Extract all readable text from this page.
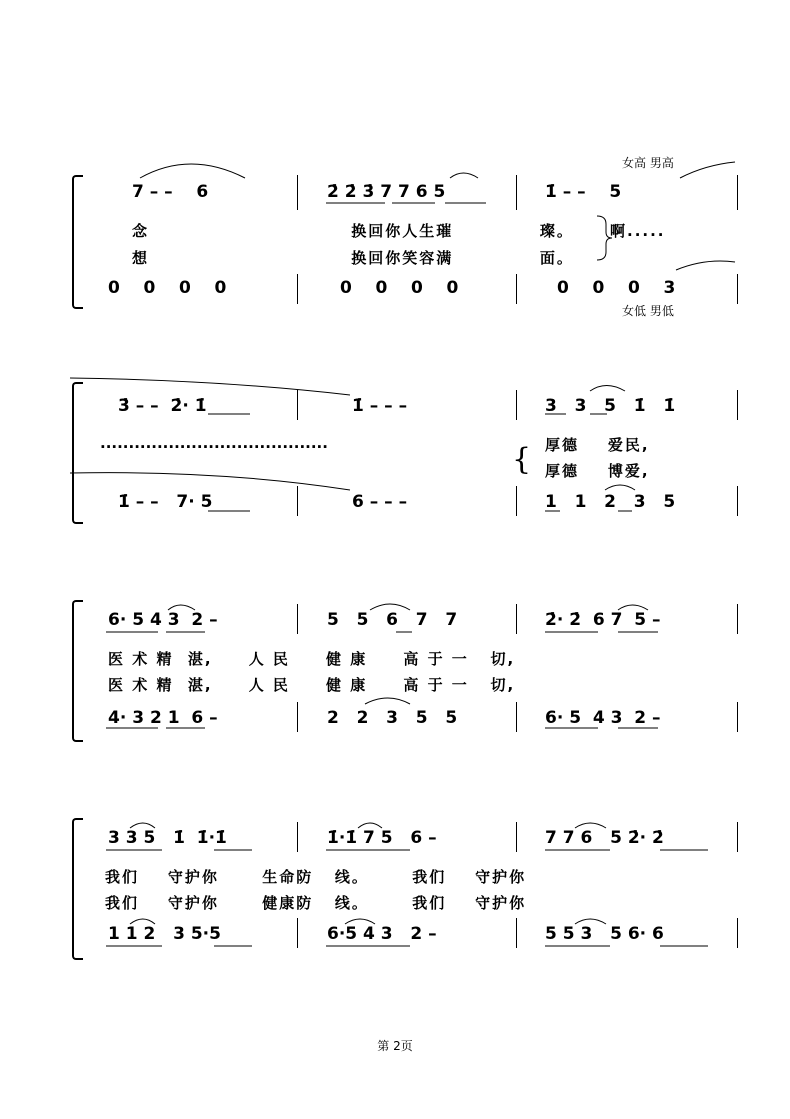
女高 男高
7 – –    6	2̇ 2̇ 3̇ 7 7 6 5	1̇ – –    5
念                            换回你人生璀            璨。     啊.....
想                            换回你笑容满            面。
0    0    0    0	0    0    0    0	0    0    0    3
女低 男低
3̇ – –  2̇· 1̇	1̇ – – –	3   3   5   1̇   1̇
........................................	{ 厚德    爱民,
厚德    博爱,
1̇ – –   7· 5	6 – – –	1   1   2   3   5
6· 5 4 3  2 –	5   5   6   7   7	2̇· 2̇  6 7  5 –
医 术 精  湛,     人 民     健 康     高 于 一   切,
医 术 精  湛,     人 民     健 康     高 于 一   切,
4· 3 2 1  6 –	2   2   3   5   5	6· 5  4 3  2 –
3 3 5   1̇  1̇·1̇	1̇·1̇ 7 5   6 –	7 7 6   5 2̇· 2̇
我们    守护你      生命防   线。      我们    守护你
我们    守护你      健康防   线。      我们    守护你
1 1 2   3 5·5	6·5 4 3   2 –	5 5 3   5 6· 6
第 2页
